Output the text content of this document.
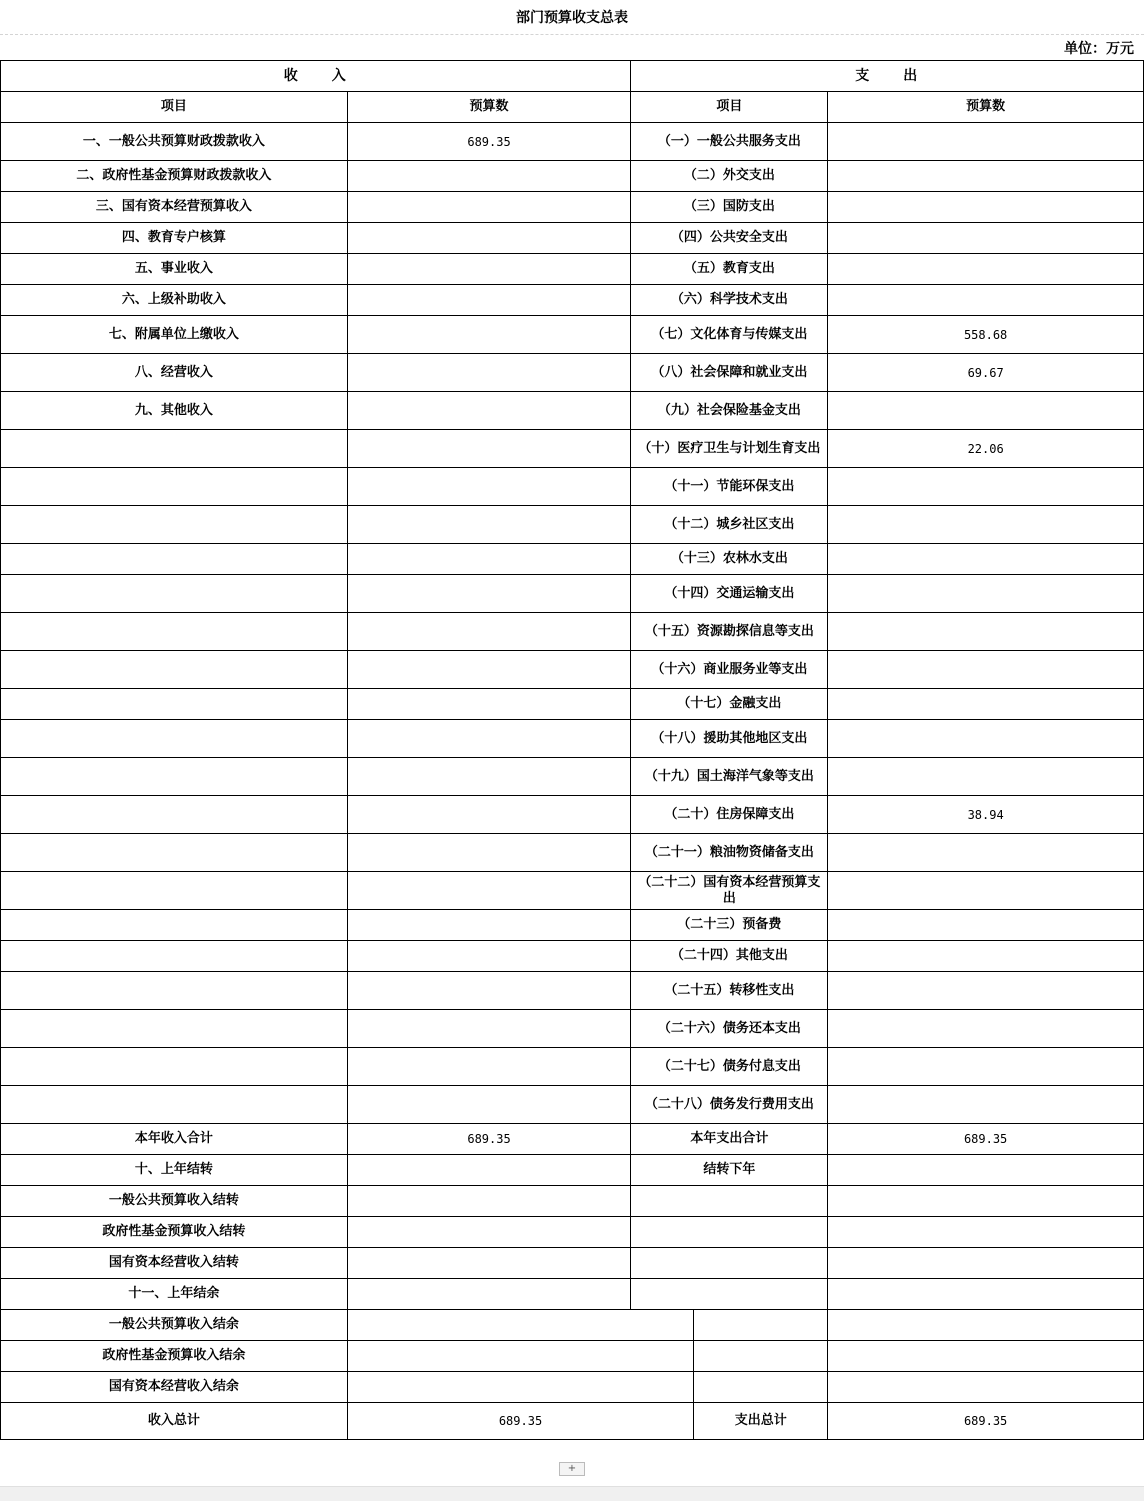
部门预算收支总表
单位：万元
收　　入		支　　出		
项目	预算数	项目		预算数
一、一般公共预算财政拨款收入	689.35	（一）一般公共服务支出		
二、政府性基金预算财政拨款收入		（二）外交支出		
三、国有资本经营预算收入		（三）国防支出		
四、教育专户核算		（四）公共安全支出		
五、事业收入		（五）教育支出		
六、上级补助收入		（六）科学技术支出		
七、附属单位上缴收入		（七）文化体育与传媒支出		558.68
八、经营收入		（八）社会保障和就业支出		69.67
九、其他收入		（九）社会保险基金支出		
		（十）医疗卫生与计划生育支出		22.06
		（十一）节能环保支出		
		（十二）城乡社区支出		
		（十三）农林水支出		
		（十四）交通运输支出		
		（十五）资源勘探信息等支出		
		（十六）商业服务业等支出		
		（十七）金融支出		
		（十八）援助其他地区支出		
		（十九）国土海洋气象等支出		
		（二十）住房保障支出		38.94
		（二十一）粮油物资储备支出		
		（二十二）国有资本经营预算支出		
		（二十三）预备费		
		（二十四）其他支出		
		（二十五）转移性支出		
		（二十六）债务还本支出		
		（二十七）债务付息支出		
		（二十八）债务发行费用支出		
本年收入合计	689.35	本年支出合计		689.35
十、上年结转		结转下年		
一般公共预算收入结转				
政府性基金预算收入结转				
国有资本经营收入结转				
十一、上年结余				
一般公共预算收入结余				
政府性基金预算收入结余				
国有资本经营收入结余				
收入总计	689.35		支出总计	689.35
+
